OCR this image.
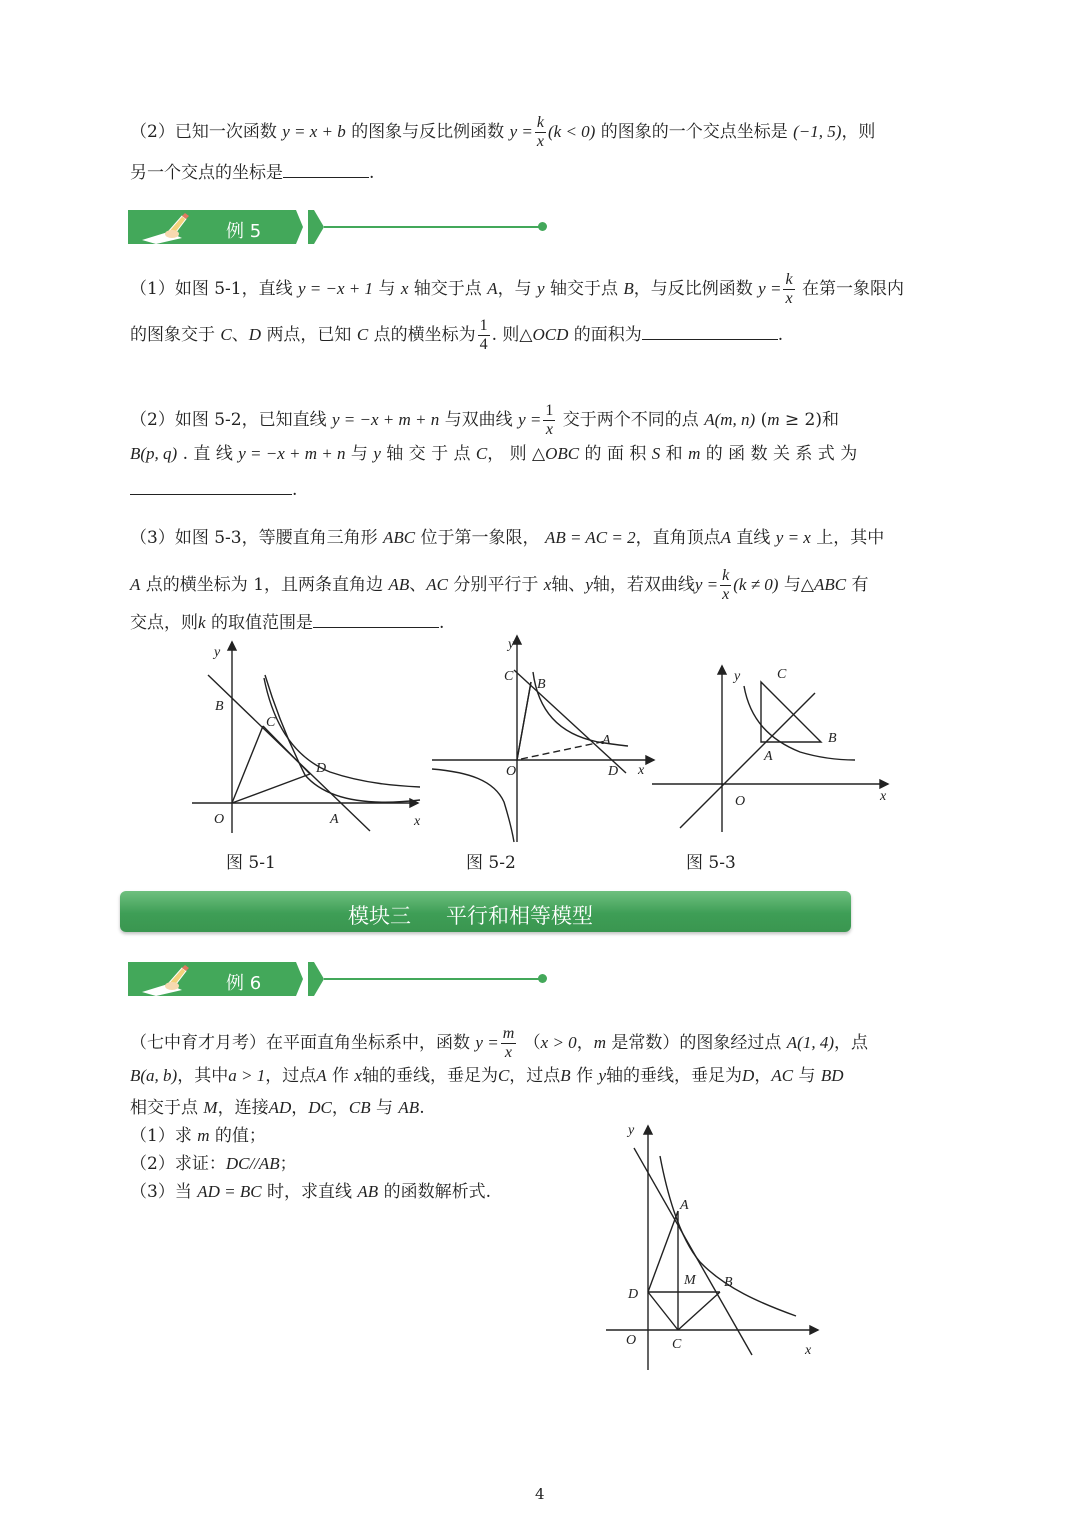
（2）已知一次函数 y = x + b 的图象与反比例函数 $y = \frac{k}{x} (k < 0)$ 的图象的一个交点坐标是 (−1, 5)，则
另一个交点的坐标是	.
例 5
（1）如图 5-1，直线 y = −x + 1 与 x 轴交于点 A，与 y 轴交于点 B，与反比例函数 $y = \frac{k}{x}$ 在第一象限内
的图象交于 C、D 两点，已知 C 点的横坐标为 $\frac{1}{4}$ . 则△OCD 的面积为	.
（2）如图 5-2，已知直线 y = −x + m + n 与双曲线 $y = \frac{1}{x}$ 交于两个不同的点 A(m, n) (m ≥ 2)和
B(p, q) . 直 线 y = −x + m + n 与 y 轴 交 于 点 C， 则 △OBC 的 面 积 S 和 m 的 函 数 关 系 式 为
.
（3）如图 5-3，等腰直角三角形 ABC 位于第一象限， AB = AC = 2，直角顶点A 直线 y = x 上，其中
A 点的横坐标为 1，且两条直角边 AB、AC 分别平行于 x轴、y轴，若双曲线$y = \frac{k}{x} (k \ne 0)$ 与△ABC 有
交点，则k 的取值范围是	.
y
x
O	A
B
C
D
图 5-1
y
x
O
A
B
C
D
图 5-2
y
x
O
A
B
C
图 5-3
模块三 平行和相等模型
例 6
（七中育才月考）在平面直角坐标系中，函数 $y = \frac{m}{x} (x > 0$，m 是常数）的图象经过点 A(1, 4)，点
B(a, b)，其中a > 1，过点A 作 x轴的垂线，垂足为C，过点B 作 y轴的垂线，垂足为D，AC 与 BD
相交于点 M，连接AD，DC，CB 与 AB.
（1）求 m 的值；
（2）求证：DC//AB；
（3）当 AD = BC 时，求直线 AB 的函数解析式.
y
x
O
A
B
C
D
M
4
